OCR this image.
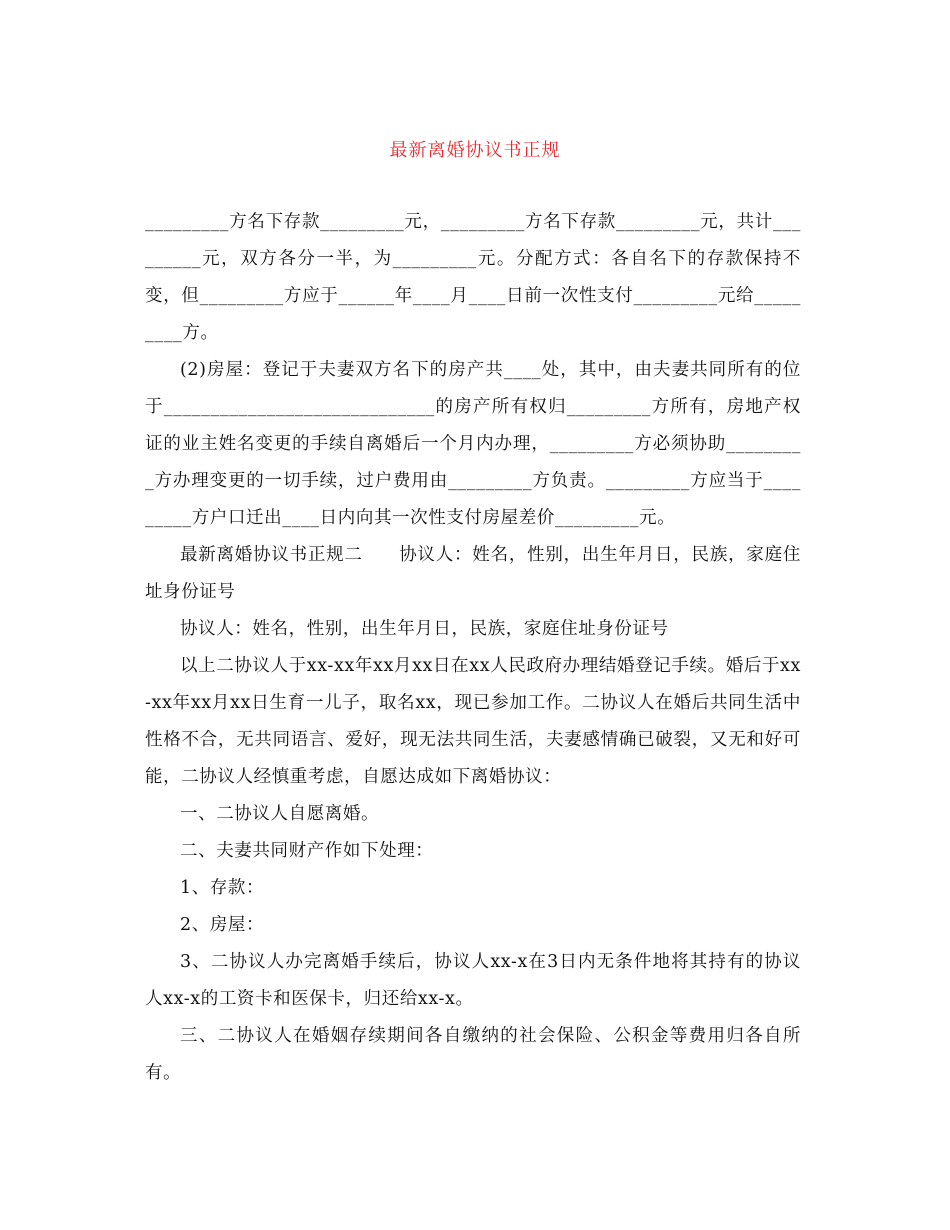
最新离婚协议书正规

_________方名下存款_________元，_________方名下存款_________元，共计_________元，双方各分一半，为_________元。分配方式：各自名下的存款保持不变，但_________方应于______年____月____日前一次性支付_________元给_________方。

(2)房屋：登记于夫妻双方名下的房产共____处，其中，由夫妻共同所有的位于_____________________________的房产所有权归_________方所有，房地产权证的业主姓名变更的手续自离婚后一个月内办理，_________方必须协助_________方办理变更的一切手续，过户费用由_________方负责。_________方应当于_________方户口迁出____日内向其一次性支付房屋差价_________元。

最新离婚协议书正规二　　协议人：姓名，性别，出生年月日，民族，家庭住址身份证号

协议人：姓名，性别，出生年月日，民族，家庭住址身份证号

以上二协议人于xx-xx年xx月xx日在xx人民政府办理结婚登记手续。婚后于xx-xx年xx月xx日生育一儿子，取名xx，现已参加工作。二协议人在婚后共同生活中性格不合，无共同语言、爱好，现无法共同生活，夫妻感情确已破裂，又无和好可能，二协议人经慎重考虑，自愿达成如下离婚协议：

一、二协议人自愿离婚。

二、夫妻共同财产作如下处理：

1、存款：

2、房屋：

3、二协议人办完离婚手续后，协议人xx-x在3日内无条件地将其持有的协议人xx-x的工资卡和医保卡，归还给xx-x。

三、二协议人在婚姻存续期间各自缴纳的社会保险、公积金等费用归各自所有。
